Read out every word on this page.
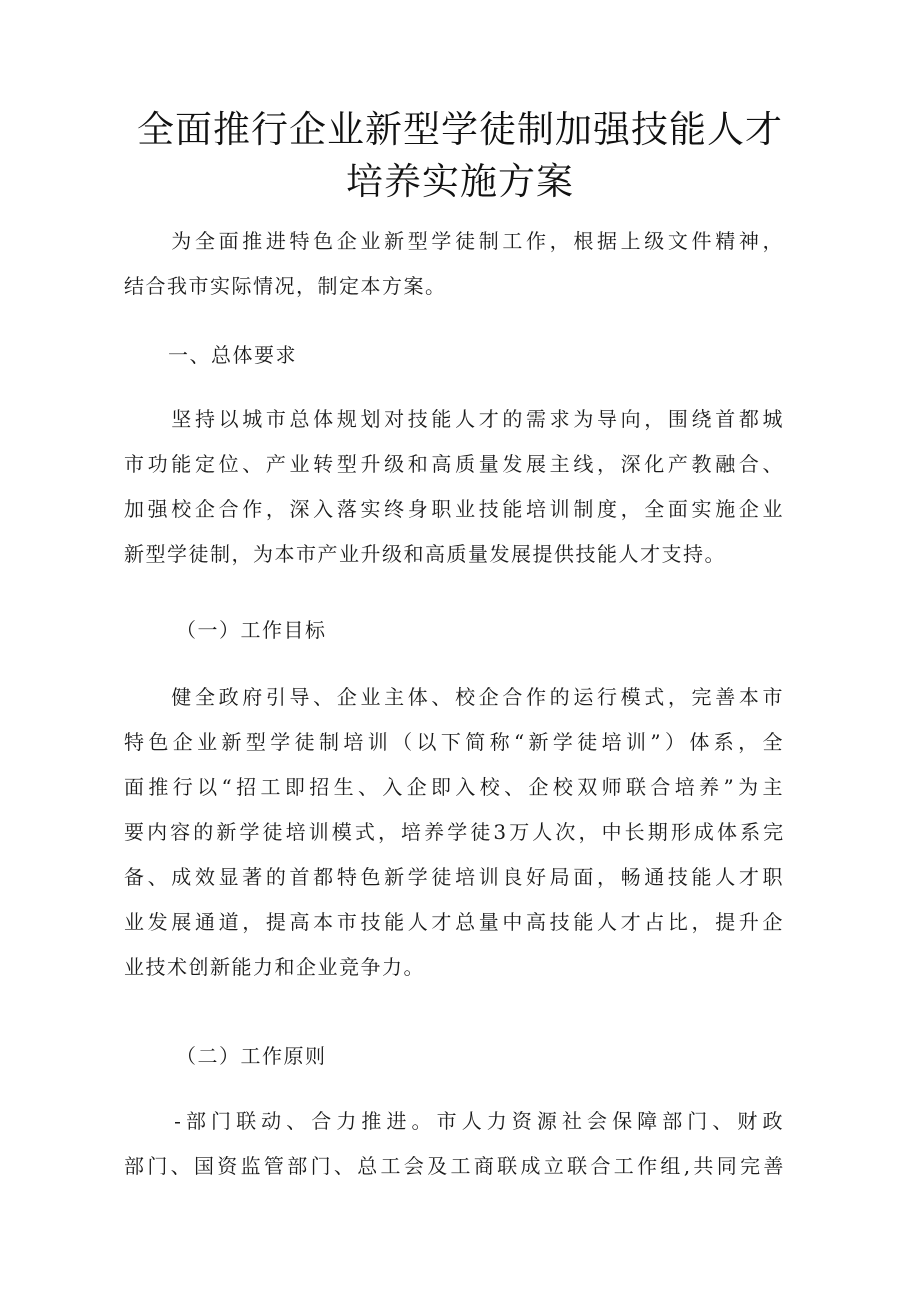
全面推行企业新型学徒制加强技能人才
培养实施方案
　　为全面推进特色企业新型学徒制工作，根据上级文件精神，
结合我市实际情况，制定本方案。
一、总体要求
　　坚持以城市总体规划对技能人才的需求为导向，围绕首都城
市功能定位、产业转型升级和高质量发展主线，深化产教融合、
加强校企合作，深入落实终身职业技能培训制度，全面实施企业
新型学徒制，为本市产业升级和高质量发展提供技能人才支持。
（一）工作目标
　　健全政府引导、企业主体、校企合作的运行模式，完善本市
特色企业新型学徒制培训（以下简称“新学徒培训”）体系，全
面推行以“招工即招生、入企即入校、企校双师联合培养”为主
要内容的新学徒培训模式，培养学徒3万人次，中长期形成体系完
备、成效显著的首都特色新学徒培训良好局面，畅通技能人才职
业发展通道，提高本市技能人才总量中高技能人才占比，提升企
业技术创新能力和企业竞争力。
（二）工作原则
　　-部门联动、合力推进。市人力资源社会保障部门、财政
部门、国资监管部门、总工会及工商联成立联合工作组,共同完善
